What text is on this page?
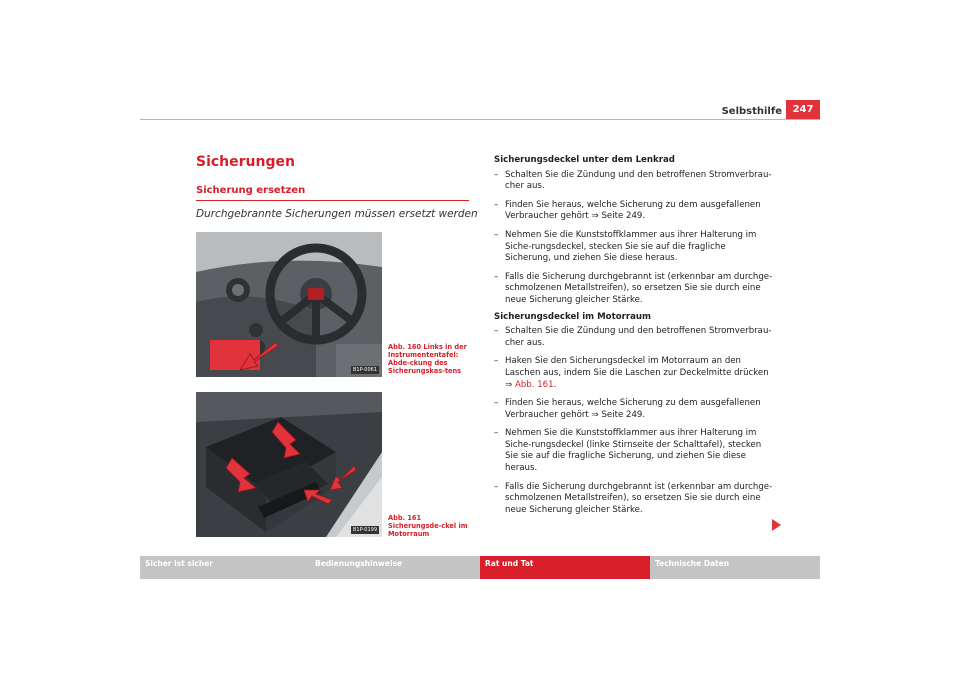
Selbsthilfe	247
Sicherungen
Sicherung ersetzen
Durchgebrannte Sicherungen müssen ersetzt werden
B1P-0061
Abb. 160 Links in der Instrumententafel: Abde-ckung des Sicherungskas-tens
B1P-0199
Abb. 161 Sicherungsde-ckel im Motorraum
Sicherungsdeckel unter dem Lenkrad
– Schalten Sie die Zündung und den betroffenen Stromverbrau-cher aus.
– Finden Sie heraus, welche Sicherung zu dem ausgefallenen Verbraucher gehört ⇒ Seite 249.
– Nehmen Sie die Kunststoffklammer aus ihrer Halterung im Siche-rungsdeckel, stecken Sie sie auf die fragliche Sicherung, und ziehen Sie diese heraus.
– Falls die Sicherung durchgebrannt ist (erkennbar am durchge-schmolzenen Metallstreifen), so ersetzen Sie sie durch eine neue Sicherung gleicher Stärke.
Sicherungsdeckel im Motorraum
– Schalten Sie die Zündung und den betroffenen Stromverbrau-cher aus.
– Haken Sie den Sicherungsdeckel im Motorraum an den Laschen aus, indem Sie die Laschen zur Deckelmitte drücken
⇒ Abb. 161.
– Finden Sie heraus, welche Sicherung zu dem ausgefallenen Verbraucher gehört ⇒ Seite 249.
– Nehmen Sie die Kunststoffklammer aus ihrer Halterung im Siche-rungsdeckel (linke Stirnseite der Schalttafel), stecken Sie sie auf die fragliche Sicherung, und ziehen Sie diese heraus.
– Falls die Sicherung durchgebrannt ist (erkennbar am durchge-schmolzenen Metallstreifen), so ersetzen Sie sie durch eine neue Sicherung gleicher Stärke.
Sicher ist sicher	Bedienungshinweise	Rat und Tat	Technische Daten
